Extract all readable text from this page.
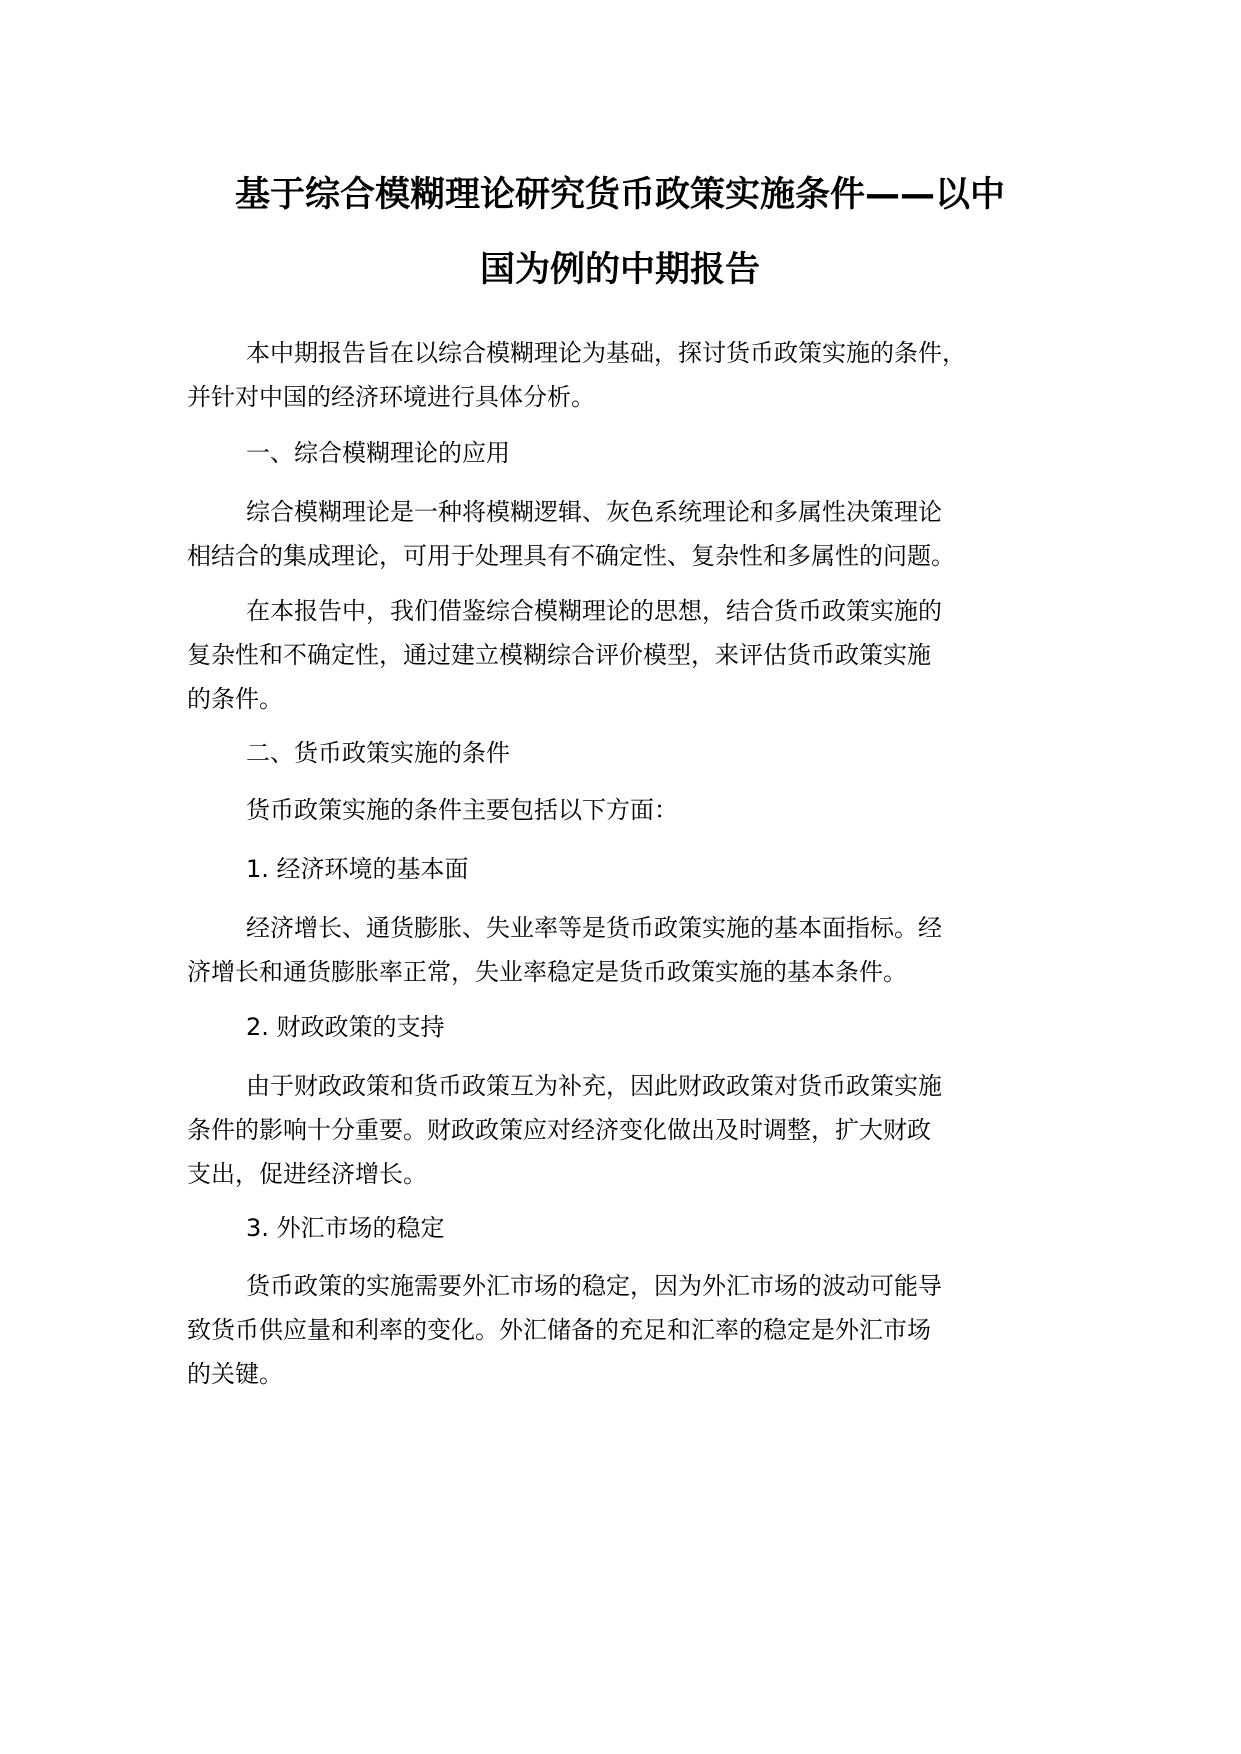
基于综合模糊理论研究货币政策实施条件——以中
国为例的中期报告

本中期报告旨在以综合模糊理论为基础，探讨货币政策实施的条件，
并针对中国的经济环境进行具体分析。

一、综合模糊理论的应用

综合模糊理论是一种将模糊逻辑、灰色系统理论和多属性决策理论
相结合的集成理论，可用于处理具有不确定性、复杂性和多属性的问题。

在本报告中，我们借鉴综合模糊理论的思想，结合货币政策实施的
复杂性和不确定性，通过建立模糊综合评价模型，来评估货币政策实施
的条件。

二、货币政策实施的条件

货币政策实施的条件主要包括以下方面：

1. 经济环境的基本面

经济增长、通货膨胀、失业率等是货币政策实施的基本面指标。经
济增长和通货膨胀率正常，失业率稳定是货币政策实施的基本条件。

2. 财政政策的支持

由于财政政策和货币政策互为补充，因此财政政策对货币政策实施
条件的影响十分重要。财政政策应对经济变化做出及时调整，扩大财政
支出，促进经济增长。

3. 外汇市场的稳定

货币政策的实施需要外汇市场的稳定，因为外汇市场的波动可能导
致货币供应量和利率的变化。外汇储备的充足和汇率的稳定是外汇市场
的关键。
